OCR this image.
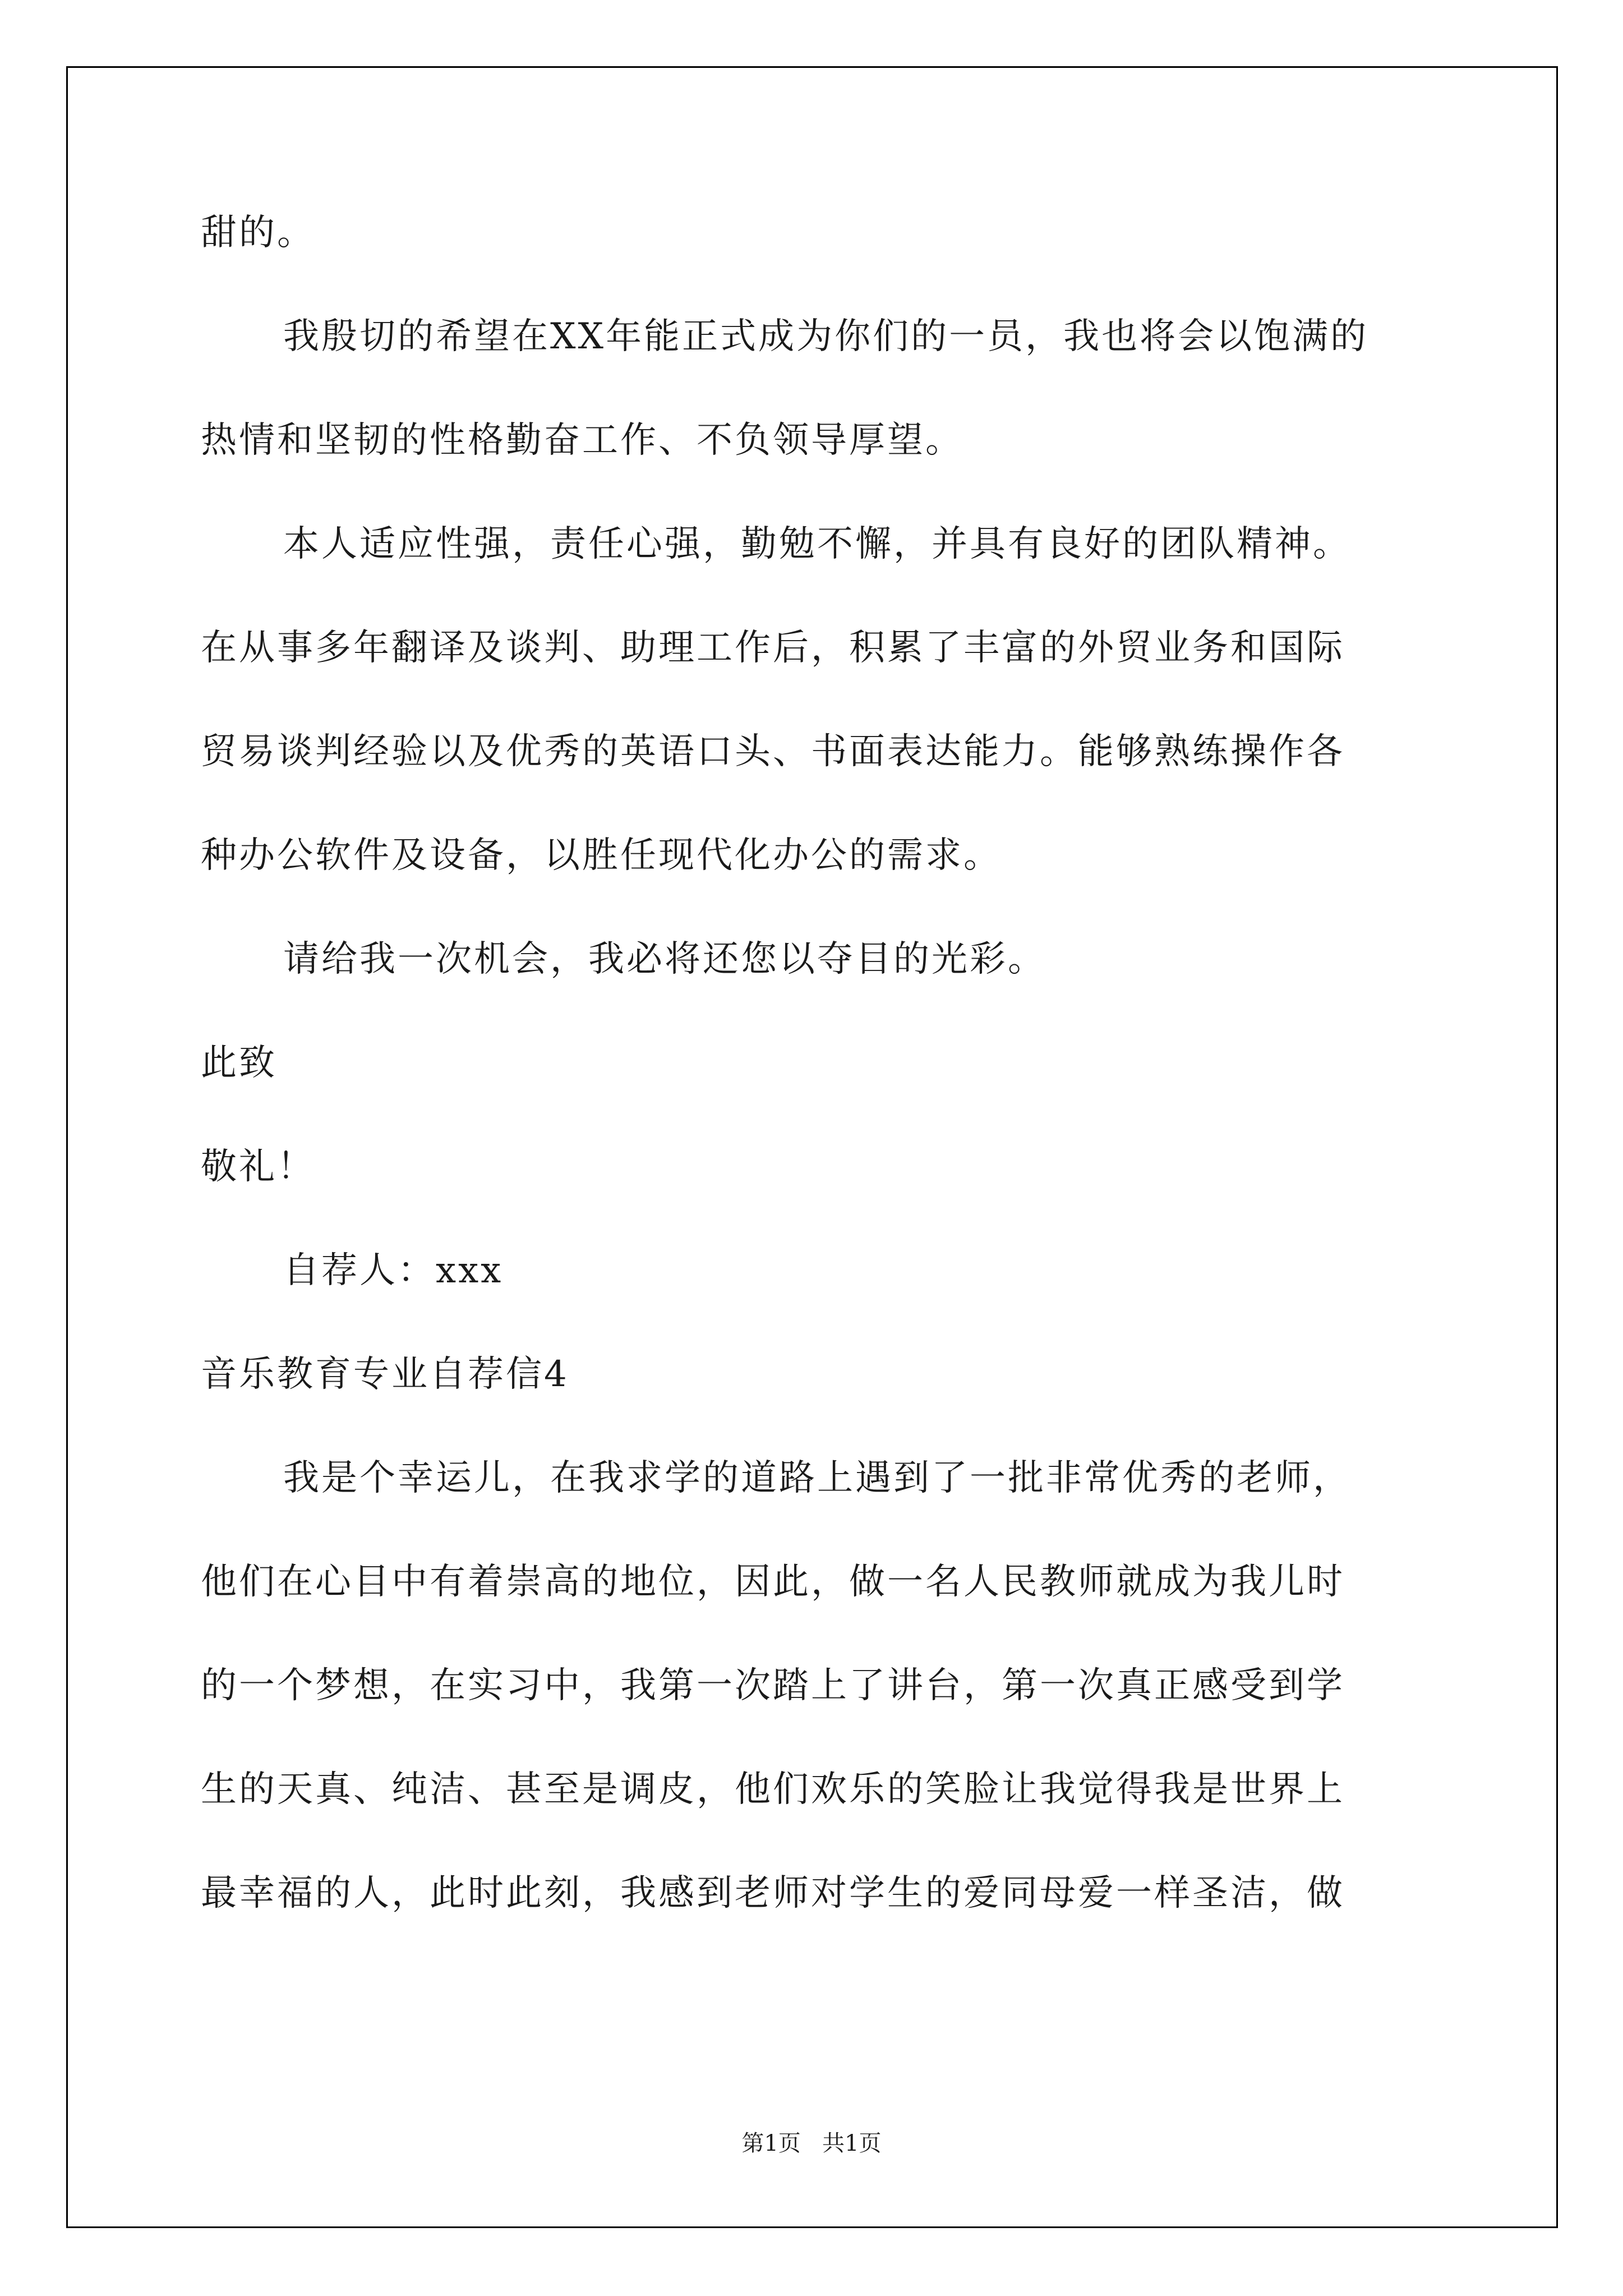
甜的。
我殷切的希望在XX年能正式成为你们的一员，我也将会以饱满的
热情和坚韧的性格勤奋工作、不负领导厚望。
本人适应性强，责任心强，勤勉不懈，并具有良好的团队精神。
在从事多年翻译及谈判、助理工作后，积累了丰富的外贸业务和国际
贸易谈判经验以及优秀的英语口头、书面表达能力。能够熟练操作各
种办公软件及设备，以胜任现代化办公的需求。
请给我一次机会，我必将还您以夺目的光彩。
此致
敬礼！
自荐人：xxx
音乐教育专业自荐信4
我是个幸运儿，在我求学的道路上遇到了一批非常优秀的老师，
他们在心目中有着崇高的地位，因此，做一名人民教师就成为我儿时
的一个梦想，在实习中，我第一次踏上了讲台，第一次真正感受到学
生的天真、纯洁、甚至是调皮，他们欢乐的笑脸让我觉得我是世界上
最幸福的人，此时此刻，我感到老师对学生的爱同母爱一样圣洁，做
第1页   共1页
